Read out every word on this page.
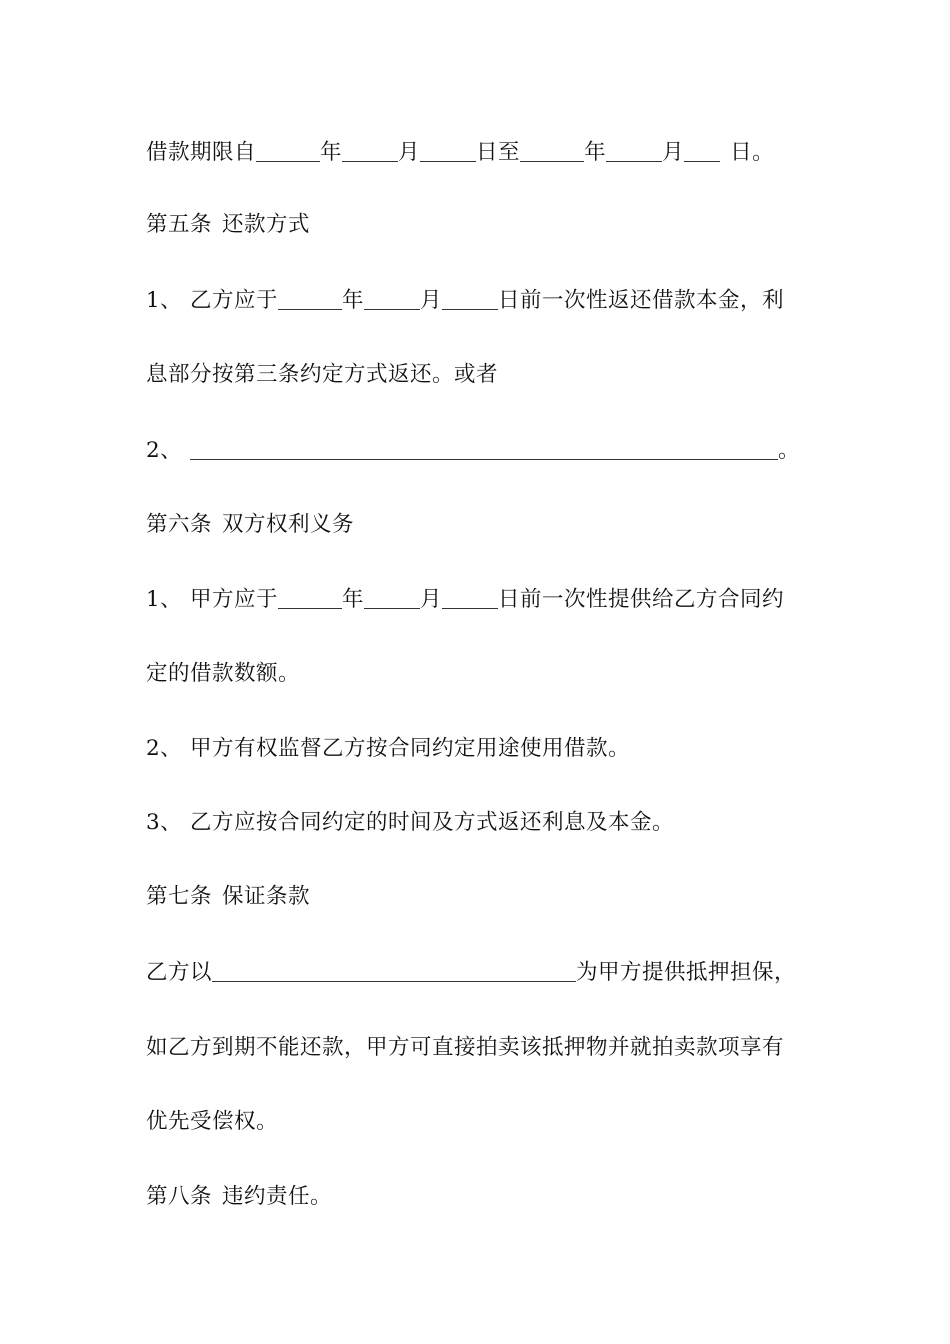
借款期限自	年	月	日至	年	月 日。
第五条 还款方式
1、 乙方应于	年	月	日前一次性返还借款本金，利
息部分按第三条约定方式返还。或者
2、	。
第六条 双方权利义务
1、 甲方应于	年	月	日前一次性提供给乙方合同约
定的借款数额。
2、 甲方有权监督乙方按合同约定用途使用借款。
3、 乙方应按合同约定的时间及方式返还利息及本金。
第七条 保证条款
乙方以	为甲方提供抵押担保，
如乙方到期不能还款，甲方可直接拍卖该抵押物并就拍卖款项享有
优先受偿权。
第八条 违约责任。
